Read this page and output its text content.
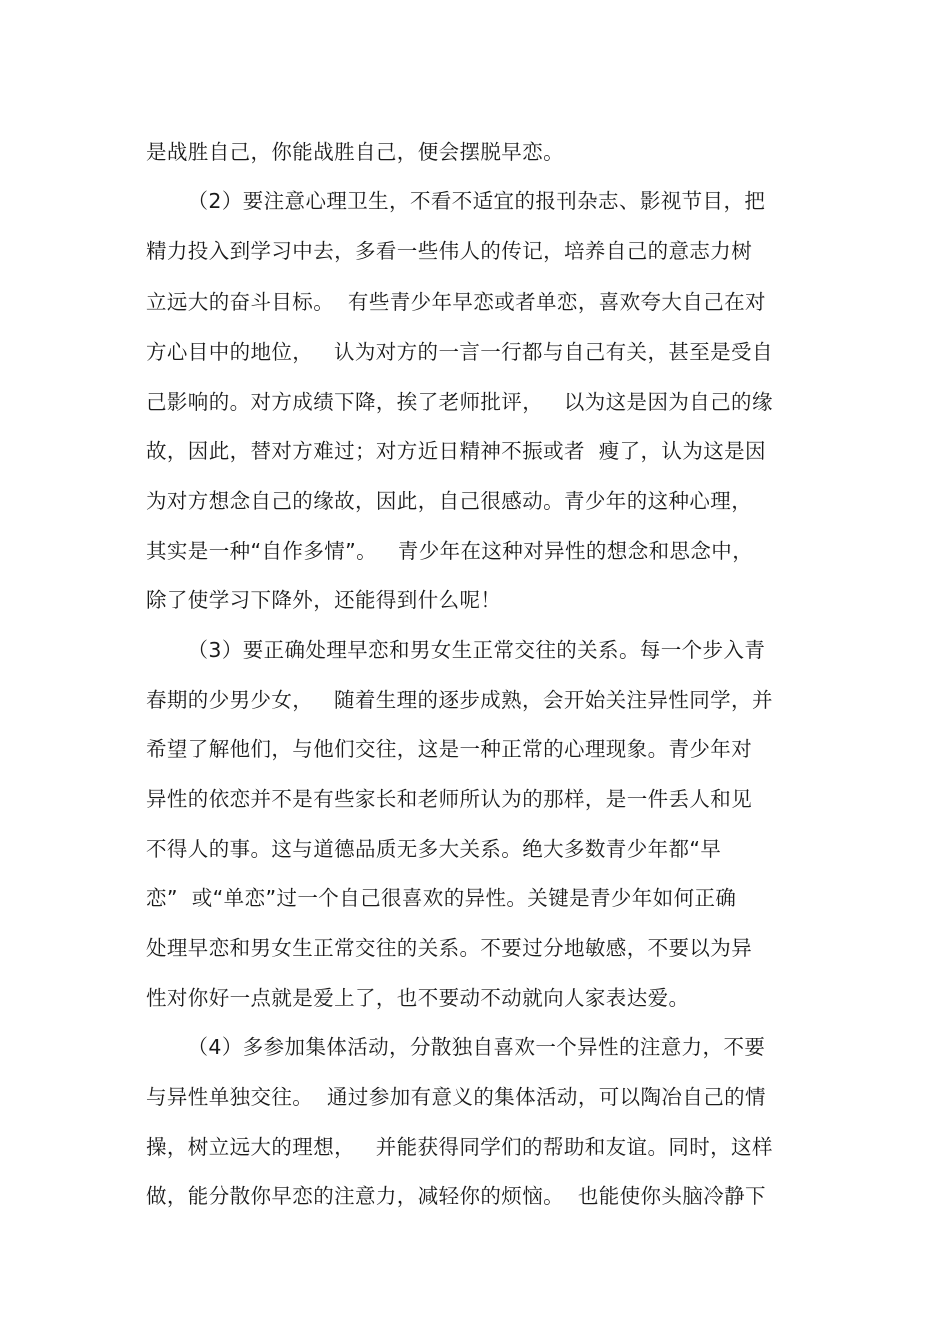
是战胜自己，你能战胜自己，便会摆脱早恋。
（2）要注意心理卫生，不看不适宜的报刊杂志、影视节目，把
精力投入到学习中去，多看一些伟人的传记，培养自己的意志力树
立远大的奋斗目标。  有些青少年早恋或者单恋，喜欢夸大自己在对
方心目中的地位，   认为对方的一言一行都与自己有关，甚至是受自
己影响的。对方成绩下降，挨了老师批评，   以为这是因为自己的缘
故，因此，替对方难过；对方近日精神不振或者  瘦了，认为这是因
为对方想念自己的缘故，因此，自己很感动。青少年的这种心理，
其实是一种“自作多情”。   青少年在这种对异性的想念和思念中，
除了使学习下降外，还能得到什么呢！
（3）要正确处理早恋和男女生正常交往的关系。每一个步入青
春期的少男少女，   随着生理的逐步成熟，会开始关注异性同学，并
希望了解他们，与他们交往，这是一种正常的心理现象。青少年对
异性的依恋并不是有些家长和老师所认为的那样，是一件丢人和见
不得人的事。这与道德品质无多大关系。绝大多数青少年都“早
恋”  或“单恋”过一个自己很喜欢的异性。关键是青少年如何正确
处理早恋和男女生正常交往的关系。不要过分地敏感，不要以为异
性对你好一点就是爱上了，也不要动不动就向人家表达爱。
（4）多参加集体活动，分散独自喜欢一个异性的注意力，不要
与异性单独交往。  通过参加有意义的集体活动，可以陶冶自己的情
操，树立远大的理想，   并能获得同学们的帮助和友谊。同时，这样
做，能分散你早恋的注意力，减轻你的烦恼。  也能使你头脑冷静下
